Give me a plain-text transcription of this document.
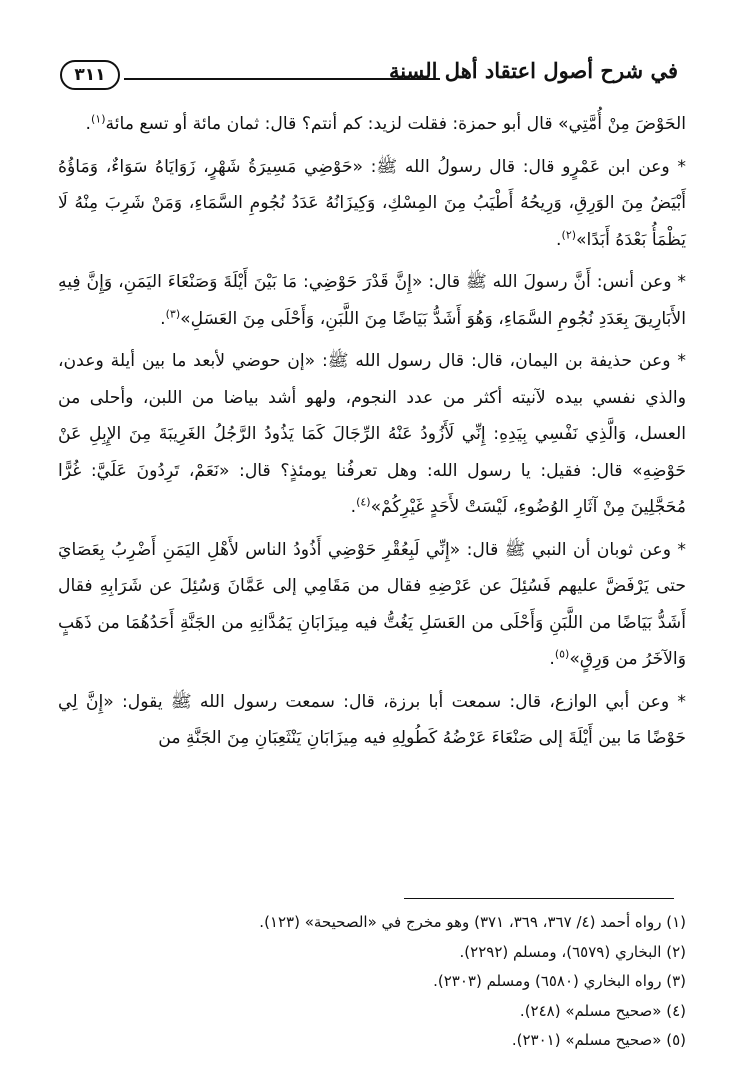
في شرح أصول اعتقاد أهل السنة
٣١١

الحَوْضَ مِنْ أُمَّتِي» قال أبو حمزة: فقلت لزيد: كم أنتم؟ قال: ثمان مائة أو تسع مائة$^{(١)}$.

* وعن ابن عَمْرٍو قال: قال رسولُ الله ﷺ: «حَوْضِي مَسِيرَةُ شَهْرٍ، زَوَايَاهُ سَوَاءٌ، وَمَاؤُهُ أَبْيَضُ مِنَ الوَرِقِ، وَرِيحُهُ أَطْيَبُ مِنَ المِسْكِ، وَكِيزَانُهُ عَدَدُ نُجُومِ السَّمَاءِ، وَمَنْ شَرِبَ مِنْهُ لَا يَظْمَأُ بَعْدَهُ أَبَدًا»$^{(٢)}$.

* وعن أنس: أَنَّ رسولَ الله ﷺ قال: «إِنَّ قَدْرَ حَوْضِي: مَا بَيْنَ أَيْلَةَ وَصَنْعَاءَ اليَمَنِ، وَإِنَّ فِيهِ الأَبَارِيقَ بِعَدَدِ نُجُومِ السَّمَاءِ، وَهُوَ أَشَدُّ بَيَاضًا مِنَ اللَّبَنِ، وَأَحْلَى مِنَ العَسَلِ»$^{(٣)}$.

* وعن حذيفة بن اليمان، قال: قال رسول الله ﷺ: «إن حوضي لأبعد ما بين أيلة وعدن، والذي نفسي بيده لآنيته أكثر من عدد النجوم، ولهو أشد بياضا من اللبن، وأحلى من العسل، وَالَّذِي نَفْسِي بِيَدِهِ: إِنِّي لَأَزُودُ عَنْهُ الرِّجَالَ كَمَا يَذُودُ الرَّجُلُ الغَرِيبَةَ مِنَ الإِبِلِ عَنْ حَوْضِهِ» قال: فقيل: يا رسول الله: وهل تعرفُنا يومئذٍ؟ قال: «نَعَمْ، تَرِدُونَ عَلَيَّ: غُرًّا مُحَجَّلِينَ مِنْ آثَارِ الوُضُوءِ، لَيْسَتْ لأَحَدٍ غَيْرِكُمْ»$^{(٤)}$.

* وعن ثوبان أن النبي ﷺ قال: «إِنِّي لَبِعُقْرِ حَوْضِي أَذُودُ الناس لأَهْلِ اليَمَنِ أَضْرِبُ بِعَصَايَ حتى يَرْفَضَّ عليهم فَسُئِلَ عن عَرْضِهِ فقال من مَقَامِي إلى عَمَّانَ وَسُئِلَ عن شَرَابِهِ فقال أَشَدُّ بَيَاضًا من اللَّبَنِ وَأَحْلَى من العَسَلِ يَغُتُّ فيه مِيزَابَانِ يَمُدَّانِهِ من الجَنَّةِ أَحَدُهُمَا من ذَهَبٍ وَالآخَرُ من وَرِقٍ»$^{(٥)}$.

* وعن أبي الوازع، قال: سمعت أبا برزة، قال: سمعت رسول الله ﷺ يقول: «إِنَّ لِي حَوْضًا مَا بين أَيْلَةَ إلى صَنْعَاءَ عَرْضُهُ كَطُولِهِ فيه مِيزَابَانِ يَنْثَعِبَانِ مِنَ الجَنَّةِ من

(١) رواه أحمد (٤/ ٣٦٧، ٣٦٩، ٣٧١) وهو مخرج في «الصحيحة» (١٢٣).
(٢) البخاري (٦٥٧٩)، ومسلم (٢٢٩٢).
(٣) رواه البخاري (٦٥٨٠) ومسلم (٢٣٠٣).
(٤) «صحيح مسلم» (٢٤٨).
(٥) «صحيح مسلم» (٢٣٠١).
